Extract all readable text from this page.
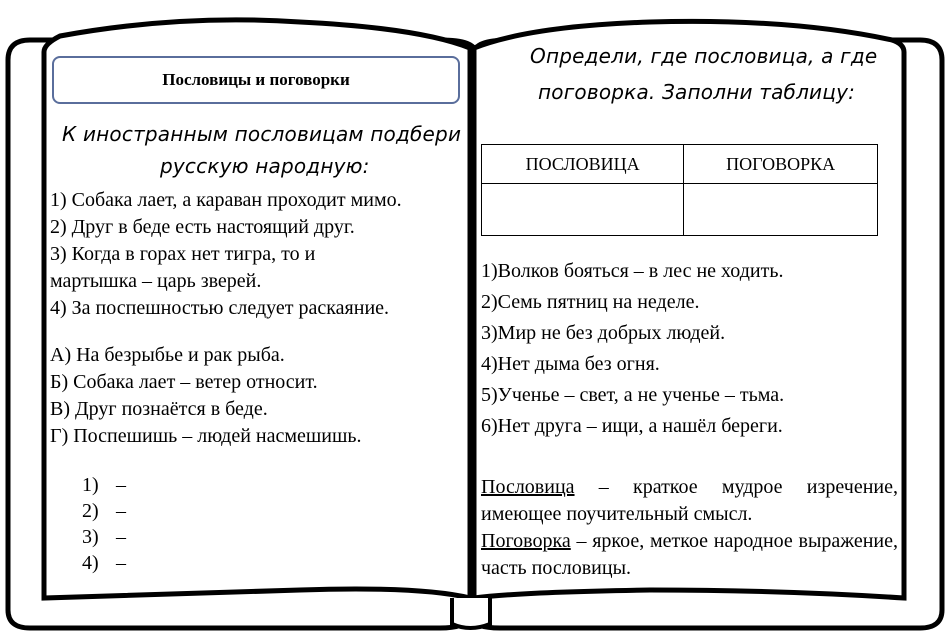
Пословицы и поговорки
К иностранным пословицам подбери
русскую народную:
1) Собака лает, а караван проходит мимо.
2) Друг в беде есть настоящий друг.
3) Когда в горах нет тигра, то и
мартышка – царь зверей.
4) За поспешностью следует раскаяние.
А) На безрыбье и рак рыба.
Б) Собака лает – ветер относит.
В) Друг познаётся в беде.
Г) Поспешишь – людей насмешишь.
1) –
2) –
3) –
4) –
Определи, где пословица, а где
поговорка. Заполни таблицу:
ПОСЛОВИЦА	ПОГОВОРКА

1)Волков бояться – в лес не ходить.
2)Семь пятниц на неделе.
3)Мир не без добрых людей.
4)Нет дыма без огня.
5)Ученье – свет, а не ученье – тьма.
6)Нет друга – ищи, а нашёл береги.
Пословица – краткое мудрое изречение, имеющее поучительный смысл.
Поговорка – яркое, меткое народное выражение, часть пословицы.
